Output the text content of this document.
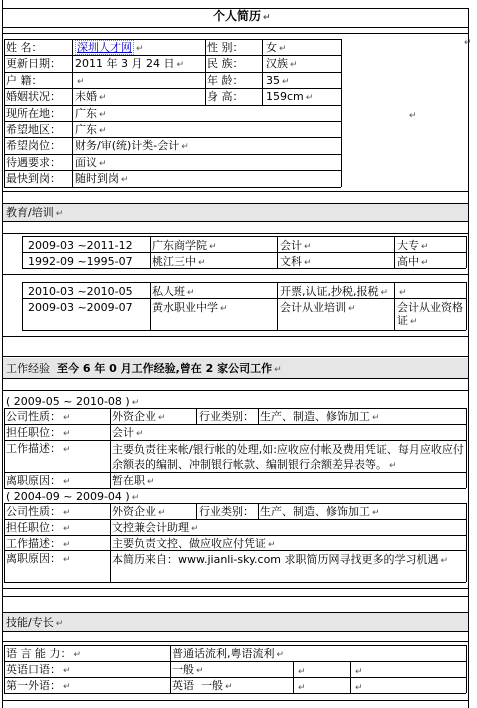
个人简历 ↵
姓 名：	深圳人才网 ↵	性 别： 女 ↵
更新日期： 2011 年 3 月 24 日 ↵ 民 族： 汉族 ↵
户 籍：	↵	年 龄： 35 ↵
婚姻状况： 未婚 ↵	身 高： 159cm ↵
现所在地： 广东 ↵
希望地区： 广东 ↵
希望岗位： 财务/审(统)计类-会计 ↵
待遇要求： 面议 ↵
最快到岗： 随时到岗 ↵
↵
↵
教育/培训 ↵
2009-03 ~2011-12 广东商学院 ↵	会计 ↵	大专 ↵
1992-09 ~1995-07 桃江三中 ↵	文科 ↵	高中 ↵
2010-03 ~2010-05 私人班 ↵	开票,认证,抄税,报税 ↵ ↵
2009-03 ~2009-07 黄水职业中学 ↵	会计从业培训 ↵	会计从业资格证 ↵
工作经验 至今 6 年 0 月工作经验,曾在 2 家公司工作 ↵
( 2009-05 ~ 2010-08 ) ↵
公司性质： ↵	外资企业 ↵	行业类别： 生产、制造、修饰加工 ↵
担任职位： ↵	会计 ↵
工作描述： ↵	主要负责往来帐/银行帐的处理,如:应收应付帐及费用凭证、每月应收应付余额表的编制、冲制银行帐款、编制银行余额差异表等。 ↵
离职原因： ↵	暂在职 ↵
( 2004-09 ~ 2009-04 ) ↵
公司性质： ↵	外资企业 ↵	行业类别： 生产、制造、修饰加工 ↵
担任职位： ↵	文控兼会计助理 ↵
工作描述： ↵	主要负责文控、做应收应付凭证 ↵
离职原因： ↵	本简历来自：www.jianli-sky.com 求职简历网寻找更多的学习机遇 ↵
技能/专长 ↵
语 言 能 力： ↵	普通话流利,粤语流利 ↵
英语口语： ↵	一般 ↵	↵	↵
第一外语： ↵	英语 一般 ↵	↵	↵
